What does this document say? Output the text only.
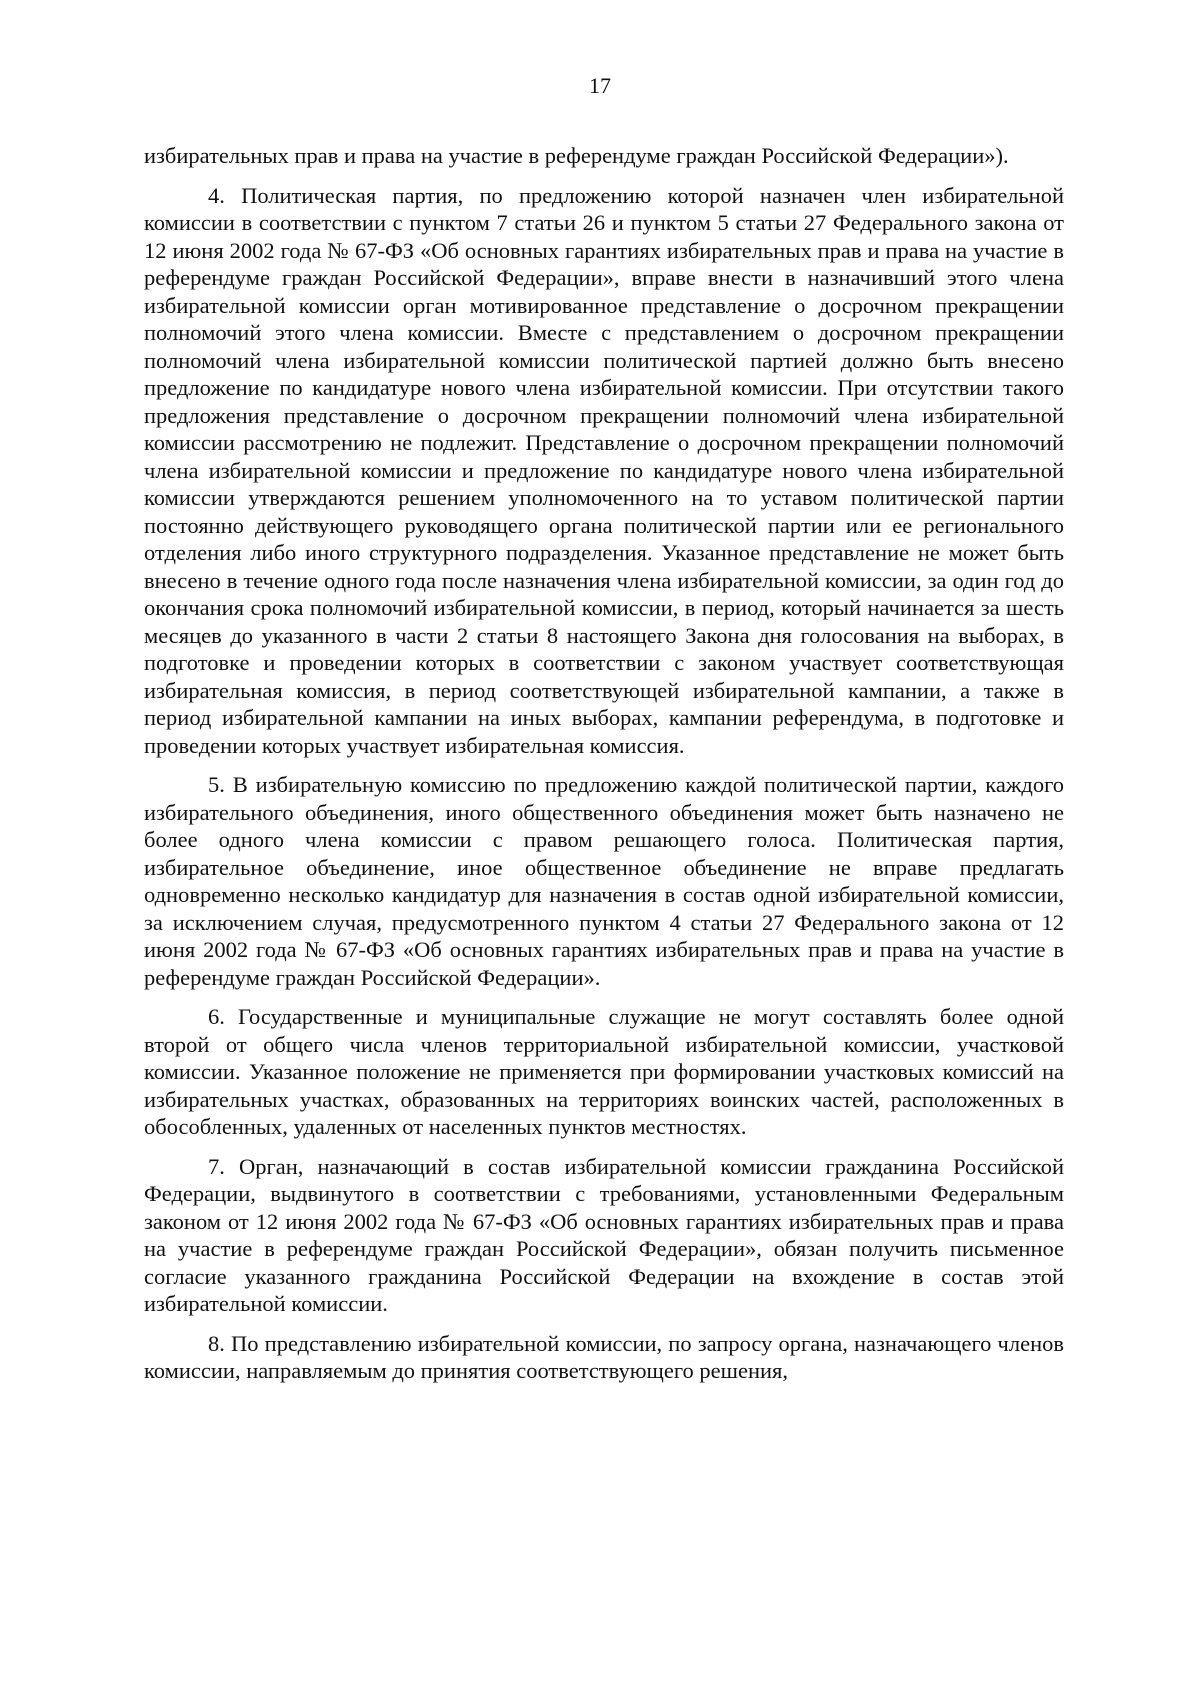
17

избирательных прав и права на участие в референдуме граждан Российской Федерации»).

4. Политическая партия, по предложению которой назначен член избирательной комиссии в соответствии с пунктом 7 статьи 26 и пунктом 5 статьи 27 Федерального закона от 12 июня 2002 года № 67-ФЗ «Об основных гарантиях избирательных прав и права на участие в референдуме граждан Российской Федерации», вправе внести в назначивший этого члена избирательной комиссии орган мотивированное представление о досрочном прекращении полномочий этого члена комиссии. Вместе с представлением о досрочном прекращении полномочий члена избирательной комиссии политической партией должно быть внесено предложение по кандидатуре нового члена избирательной комиссии. При отсутствии такого предложения представление о досрочном прекращении полномочий члена избирательной комиссии рассмотрению не подлежит. Представление о досрочном прекращении полномочий члена избирательной комиссии и предложение по кандидатуре нового члена избирательной комиссии утверждаются решением уполномоченного на то уставом политической партии постоянно действующего руководящего органа политической партии или ее регионального отделения либо иного структурного подразделения. Указанное представление не может быть внесено в течение одного года после назначения члена избирательной комиссии, за один год до окончания срока полномочий избирательной комиссии, в период, который начинается за шесть месяцев до указанного в части 2 статьи 8 настоящего Закона дня голосования на выборах, в подготовке и проведении которых в соответствии с законом участвует соответствующая избирательная комиссия, в период соответствующей избирательной кампании, а также в период избирательной кампании на иных выборах, кампании референдума, в подготовке и проведении которых участвует избирательная комиссия.

5. В избирательную комиссию по предложению каждой политической партии, каждого избирательного объединения, иного общественного объединения может быть назначено не более одного члена комиссии с правом решающего голоса. Политическая партия, избирательное объединение, иное общественное объединение не вправе предлагать одновременно несколько кандидатур для назначения в состав одной избирательной комиссии, за исключением случая, предусмотренного пунктом 4 статьи 27 Федерального закона от 12 июня 2002 года № 67-ФЗ «Об основных гарантиях избирательных прав и права на участие в референдуме граждан Российской Федерации».

6. Государственные и муниципальные служащие не могут составлять более одной второй от общего числа членов территориальной избирательной комиссии, участковой комиссии. Указанное положение не применяется при формировании участковых комиссий на избирательных участках, образованных на территориях воинских частей, расположенных в обособленных, удаленных от населенных пунктов местностях.

7. Орган, назначающий в состав избирательной комиссии гражданина Российской Федерации, выдвинутого в соответствии с требованиями, установленными Федеральным законом от 12 июня 2002 года № 67-ФЗ «Об основных гарантиях избирательных прав и права на участие в референдуме граждан Российской Федерации», обязан получить письменное согласие указанного гражданина Российской Федерации на вхождение в состав этой избирательной комиссии.

8. По представлению избирательной комиссии, по запросу органа, назначающего членов комиссии, направляемым до принятия соответствующего решения,
